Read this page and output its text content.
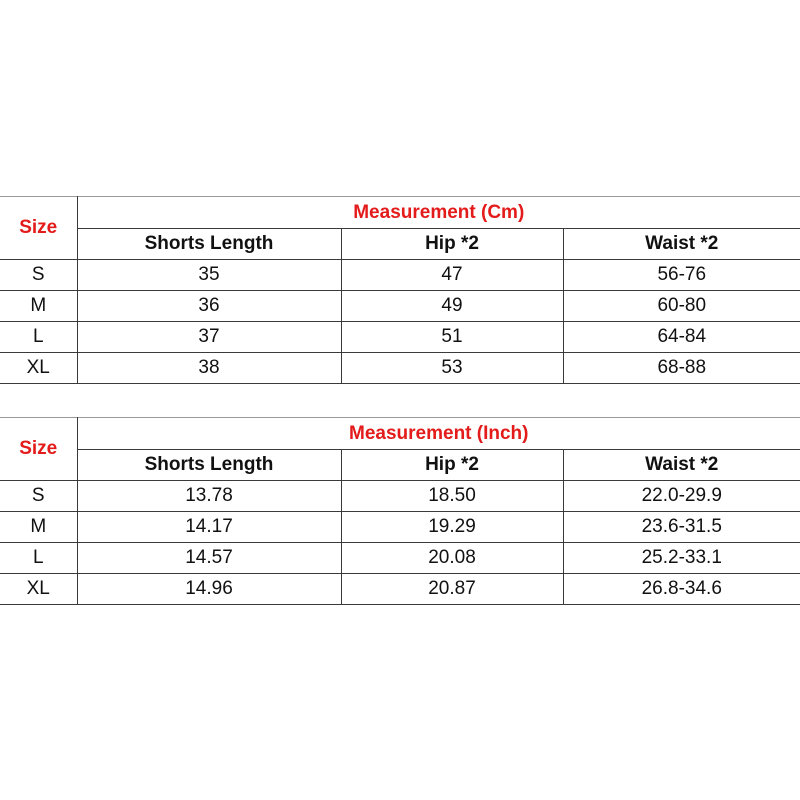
Size	Measurement (Cm)		
	Shorts Length	Hip *2	Waist *2
S	35	47	56-76
M	36	49	60-80
L	37	51	64-84
XL	38	53	68-88
Size	Measurement (Inch)		
	Shorts Length	Hip *2	Waist *2
S	13.78	18.50	22.0-29.9
M	14.17	19.29	23.6-31.5
L	14.57	20.08	25.2-33.1
XL	14.96	20.87	26.8-34.6
